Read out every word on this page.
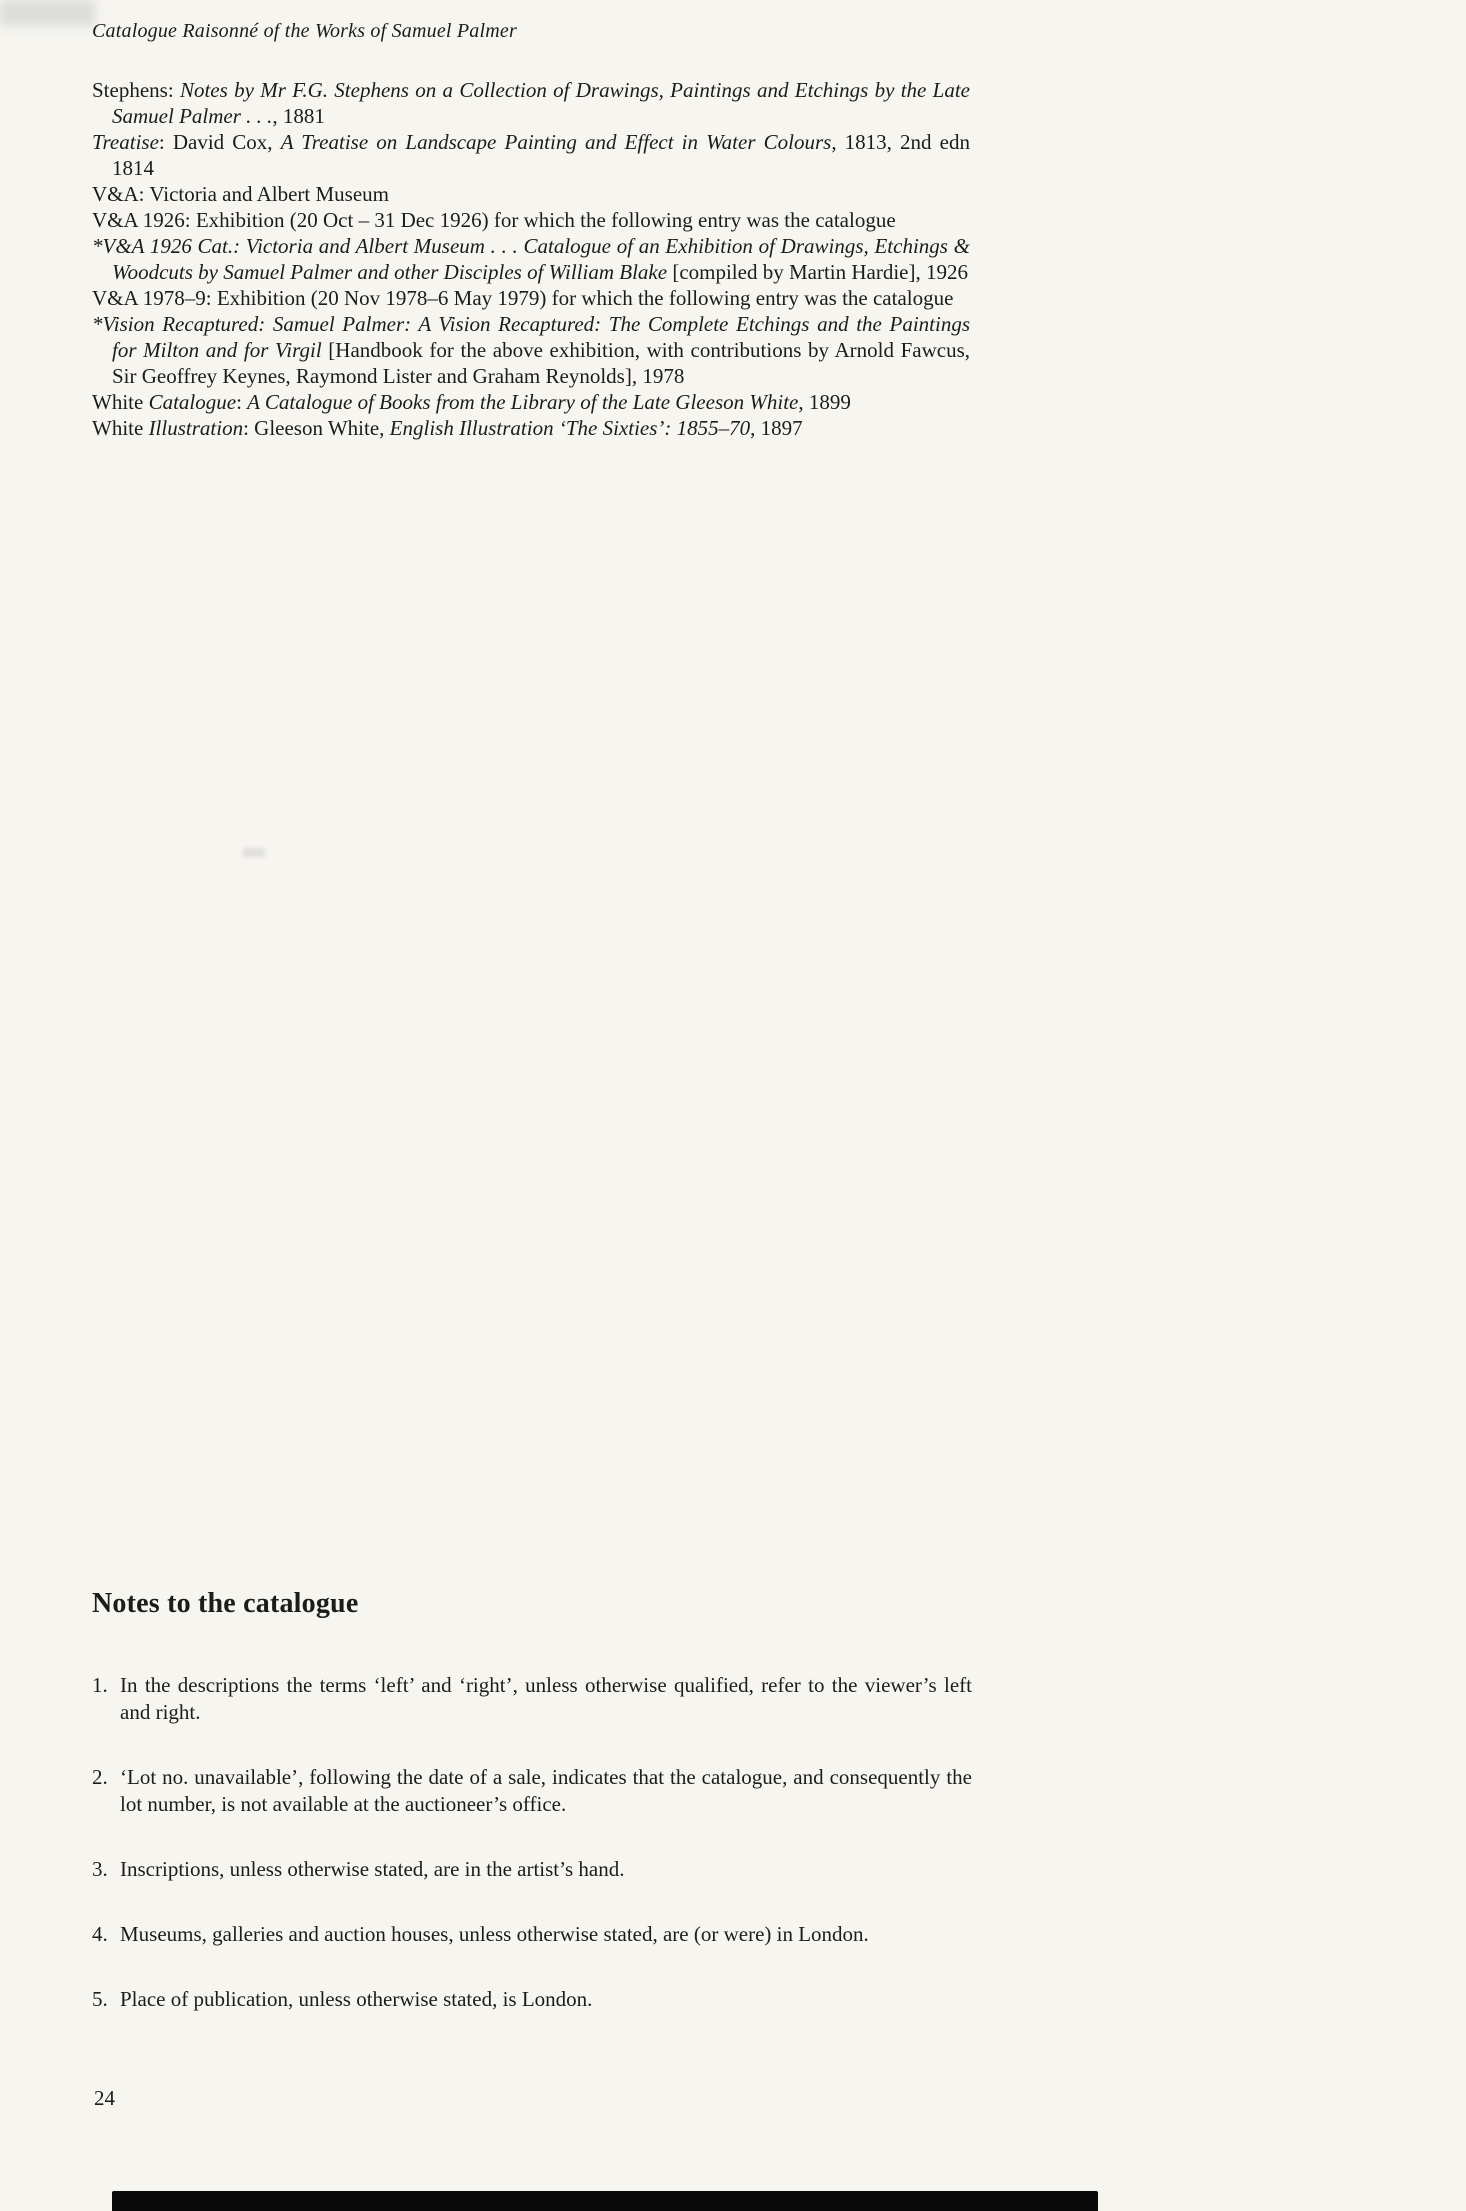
Catalogue Raisonné of the Works of Samuel Palmer

Stephens: Notes by Mr F.G. Stephens on a Collection of Drawings, Paintings and Etchings by the Late Samuel Palmer . . ., 1881

Treatise: David Cox, A Treatise on Landscape Painting and Effect in Water Colours, 1813, 2nd edn 1814

V&A: Victoria and Albert Museum

V&A 1926: Exhibition (20 Oct – 31 Dec 1926) for which the following entry was the catalogue

*V&A 1926 Cat.: Victoria and Albert Museum . . . Catalogue of an Exhibition of Drawings, Etchings & Woodcuts by Samuel Palmer and other Disciples of William Blake [compiled by Martin Hardie], 1926

V&A 1978–9: Exhibition (20 Nov 1978–6 May 1979) for which the following entry was the catalogue

*Vision Recaptured: Samuel Palmer: A Vision Recaptured: The Complete Etchings and the Paintings for Milton and for Virgil [Handbook for the above exhibition, with contributions by Arnold Fawcus, Sir Geoffrey Keynes, Raymond Lister and Graham Reynolds], 1978

White Catalogue: A Catalogue of Books from the Library of the Late Gleeson White, 1899

White Illustration: Gleeson White, English Illustration ‘The Sixties’: 1855–70, 1897

Notes to the catalogue
1. In the descriptions the terms ‘left’ and ‘right’, unless otherwise qualified, refer to the viewer’s left and right.
2. ‘Lot no. unavailable’, following the date of a sale, indicates that the catalogue, and consequently the lot number, is not available at the auctioneer’s office.
3. Inscriptions, unless otherwise stated, are in the artist’s hand.
4. Museums, galleries and auction houses, unless otherwise stated, are (or were) in London.
5. Place of publication, unless otherwise stated, is London.
24
